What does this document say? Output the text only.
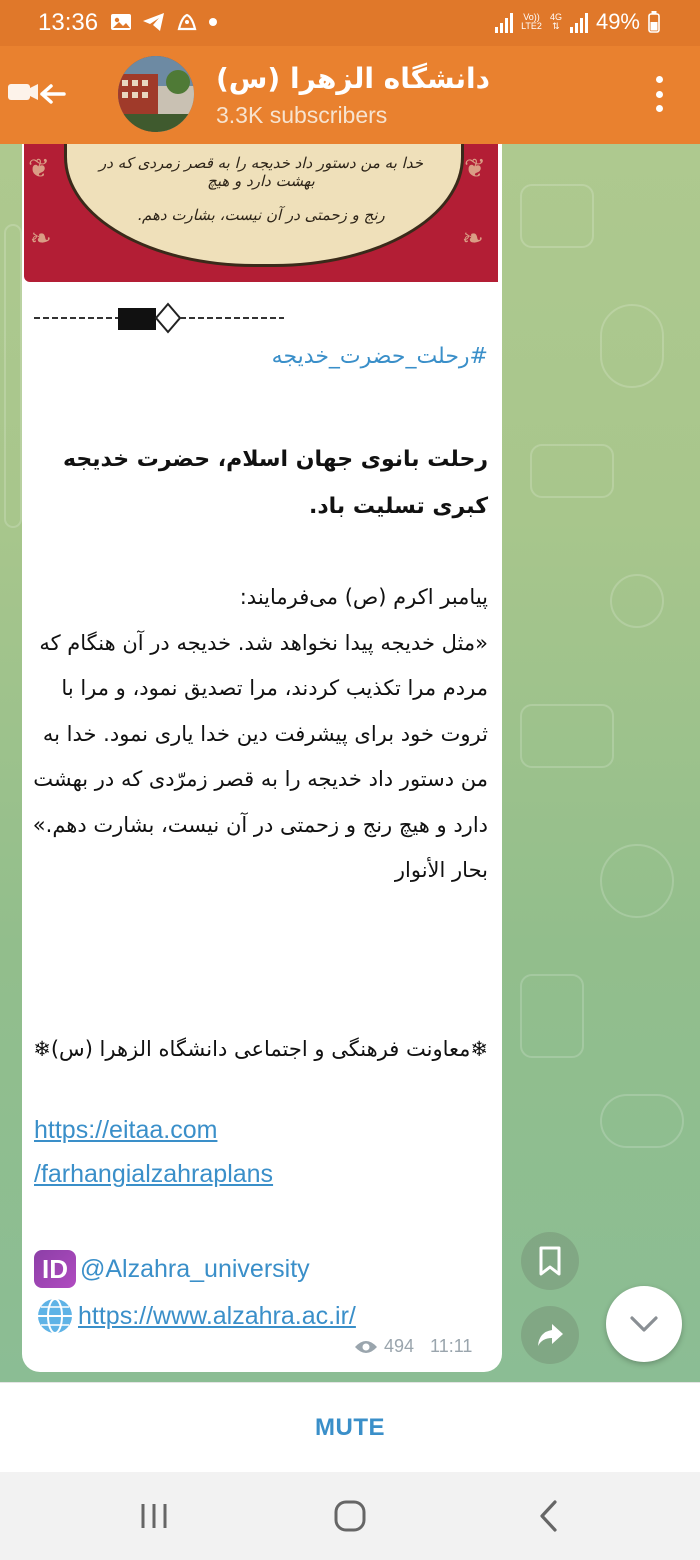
13:36	Vo))
LTE2
4G
⇅ 49%
دانشگاه الزهرا (س)
3.3K subscribers
❦
❧
❦
❧
خدا به من دستور داد خدیجه را به قصر زمردی که در بهشت دارد و هیچ
رنج و زحمتی در آن نیست، بشارت دهم.
#رحلت_حضرت_خدیجه
رحلت بانوی جهان اسلام، حضرت خدیجه کبری تسلیت باد.
پیامبر اکرم (ص) می‌فرمایند:
«مثل خدیجه پیدا نخواهد شد. خدیجه در آن هنگام که مردم مرا تکذیب کردند، مرا تصدیق نمود، و مرا با ثروت خود برای پیشرفت دین خدا یاری نمود. خدا به من دستور داد خدیجه را به قصر زمرّدی که در بهشت دارد و هیچ رنج و زحمتی در آن نیست، بشارت دهم.»
بحار الأنوار
❄معاونت فرهنگی و اجتماعی دانشگاه الزهرا (س)❄
https://eitaa.com
/farhangialzahraplans
ID @Alzahra_university
https://www.alzahra.ac.ir/
494 11:11
MUTE
